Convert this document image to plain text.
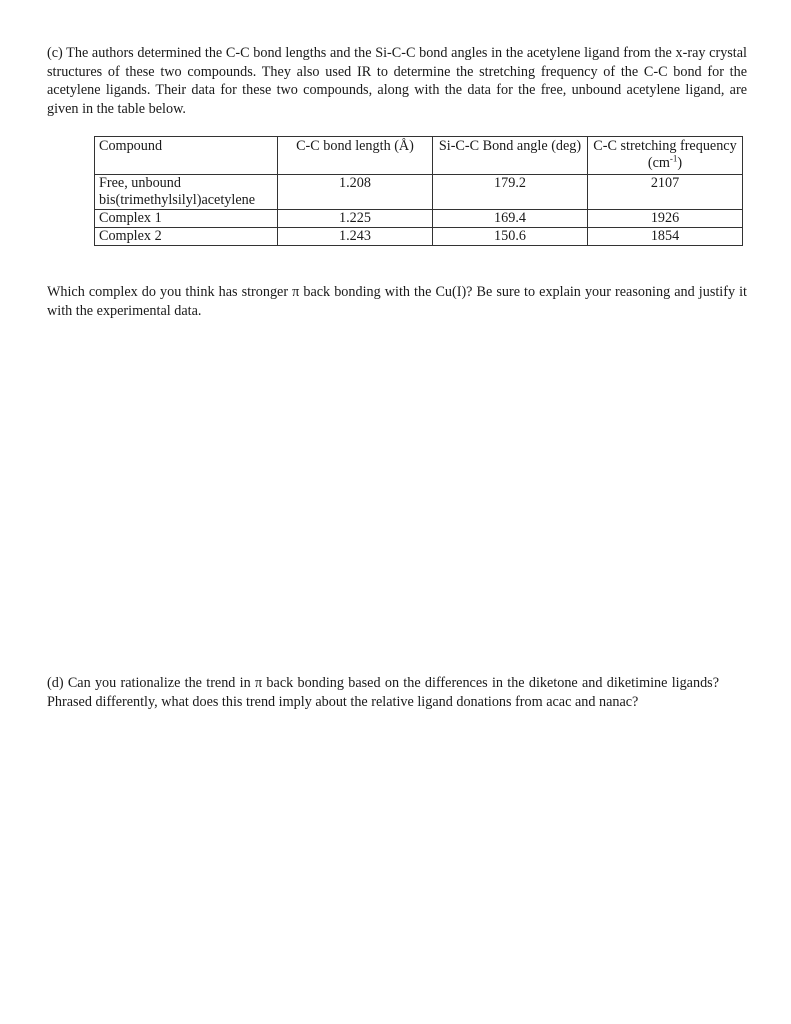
(c) The authors determined the C-C bond lengths and the Si-C-C bond angles in the acetylene ligand from the x-ray crystal structures of these two compounds. They also used IR to determine the stretching frequency of the C-C bond for the acetylene ligands. Their data for these two compounds, along with the data for the free, unbound acetylene ligand, are given in the table below.

Compound	C-C bond length (Å)	Si-C-C Bond angle (deg)	C-C stretching frequency $(cm^{-1})$
Free, unbound bis(trimethylsilyl)acetylene	1.208	179.2	2107
Complex 1	1.225	169.4	1926
Complex 2	1.243	150.6	1854

Which complex do you think has stronger π back bonding with the Cu(I)? Be sure to explain your reasoning and justify it with the experimental data.

(d) Can you rationalize the trend in π back bonding based on the differences in the diketone and diketimine ligands? Phrased differently, what does this trend imply about the relative ligand donations from acac and nanac?
